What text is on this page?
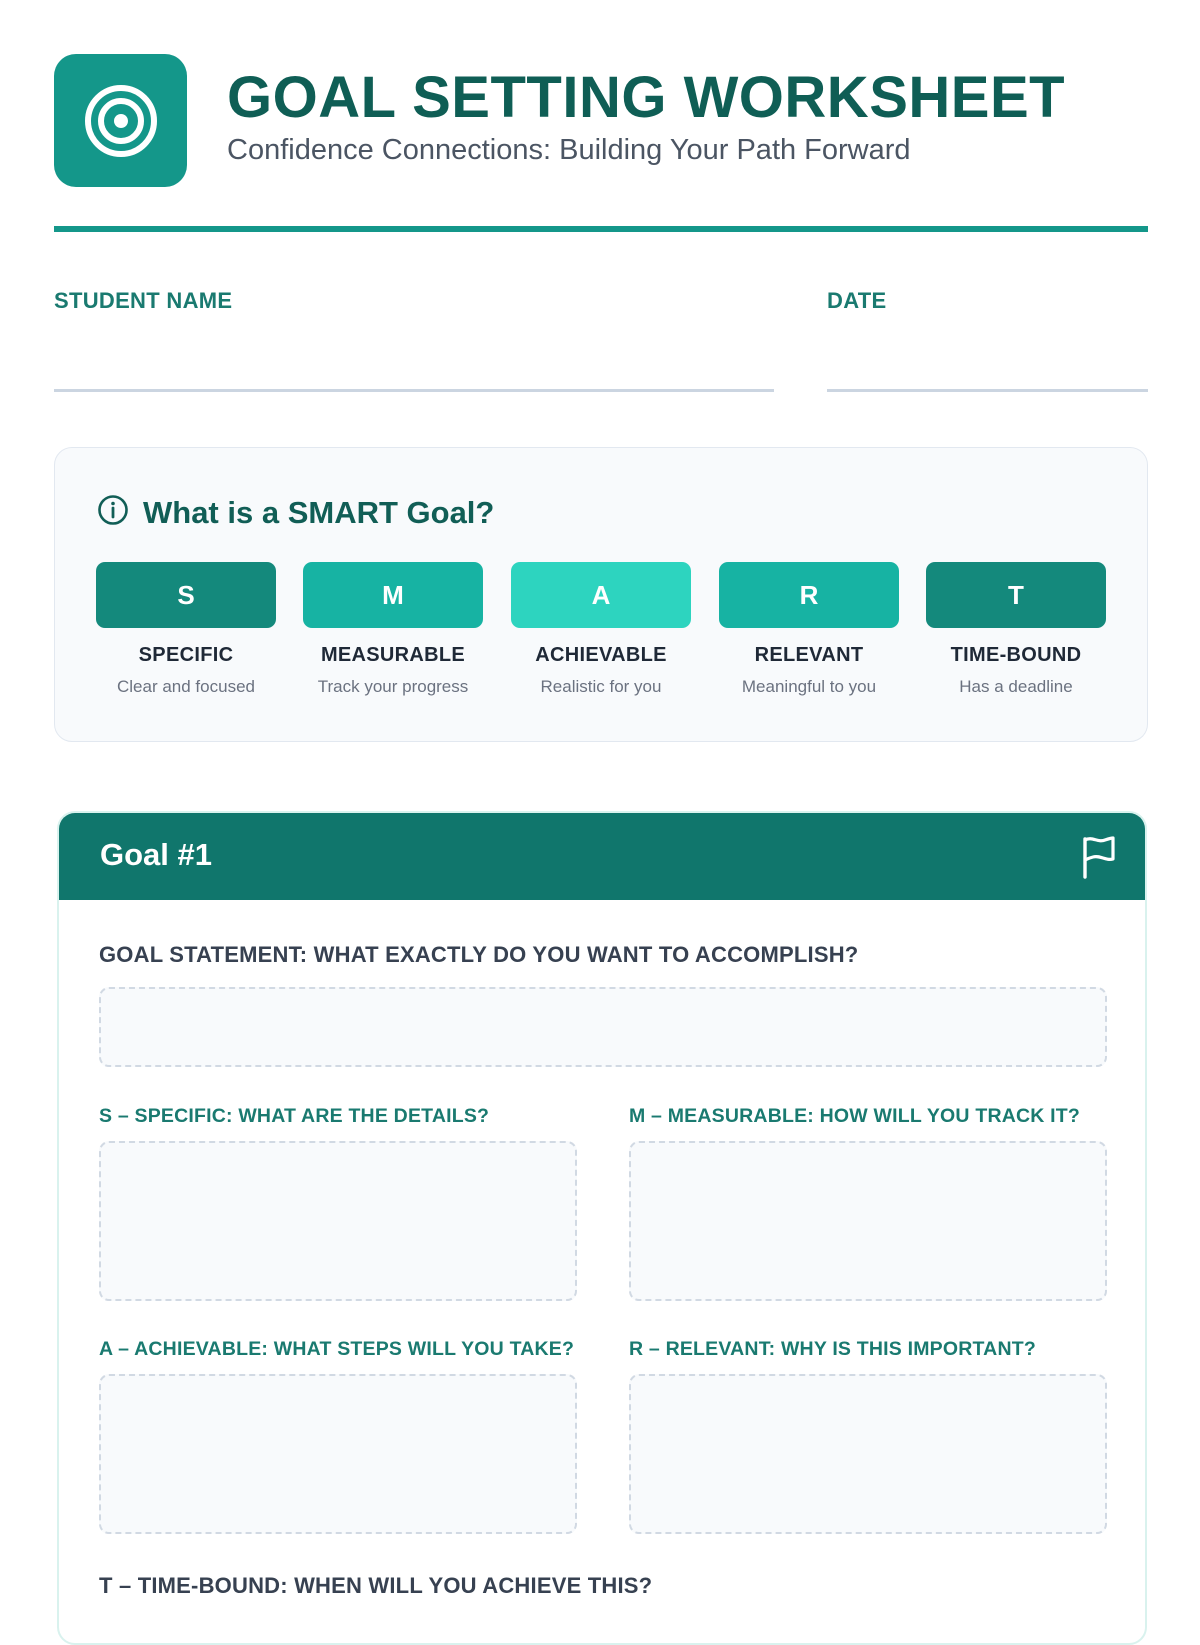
GOAL SETTING WORKSHEET
Confidence Connections: Building Your Path Forward
STUDENT NAME	DATE
What is a SMART Goal?
S
SPECIFIC
Clear and focused
M
MEASURABLE
Track your progress
A
ACHIEVABLE
Realistic for you
R
RELEVANT
Meaningful to you
T
TIME-BOUND
Has a deadline
Goal #1
GOAL STATEMENT: WHAT EXACTLY DO YOU WANT TO ACCOMPLISH?
S – SPECIFIC: WHAT ARE THE DETAILS?	M – MEASURABLE: HOW WILL YOU TRACK IT?
A – ACHIEVABLE: WHAT STEPS WILL YOU TAKE?	R – RELEVANT: WHY IS THIS IMPORTANT?
T – TIME-BOUND: WHEN WILL YOU ACHIEVE THIS?
